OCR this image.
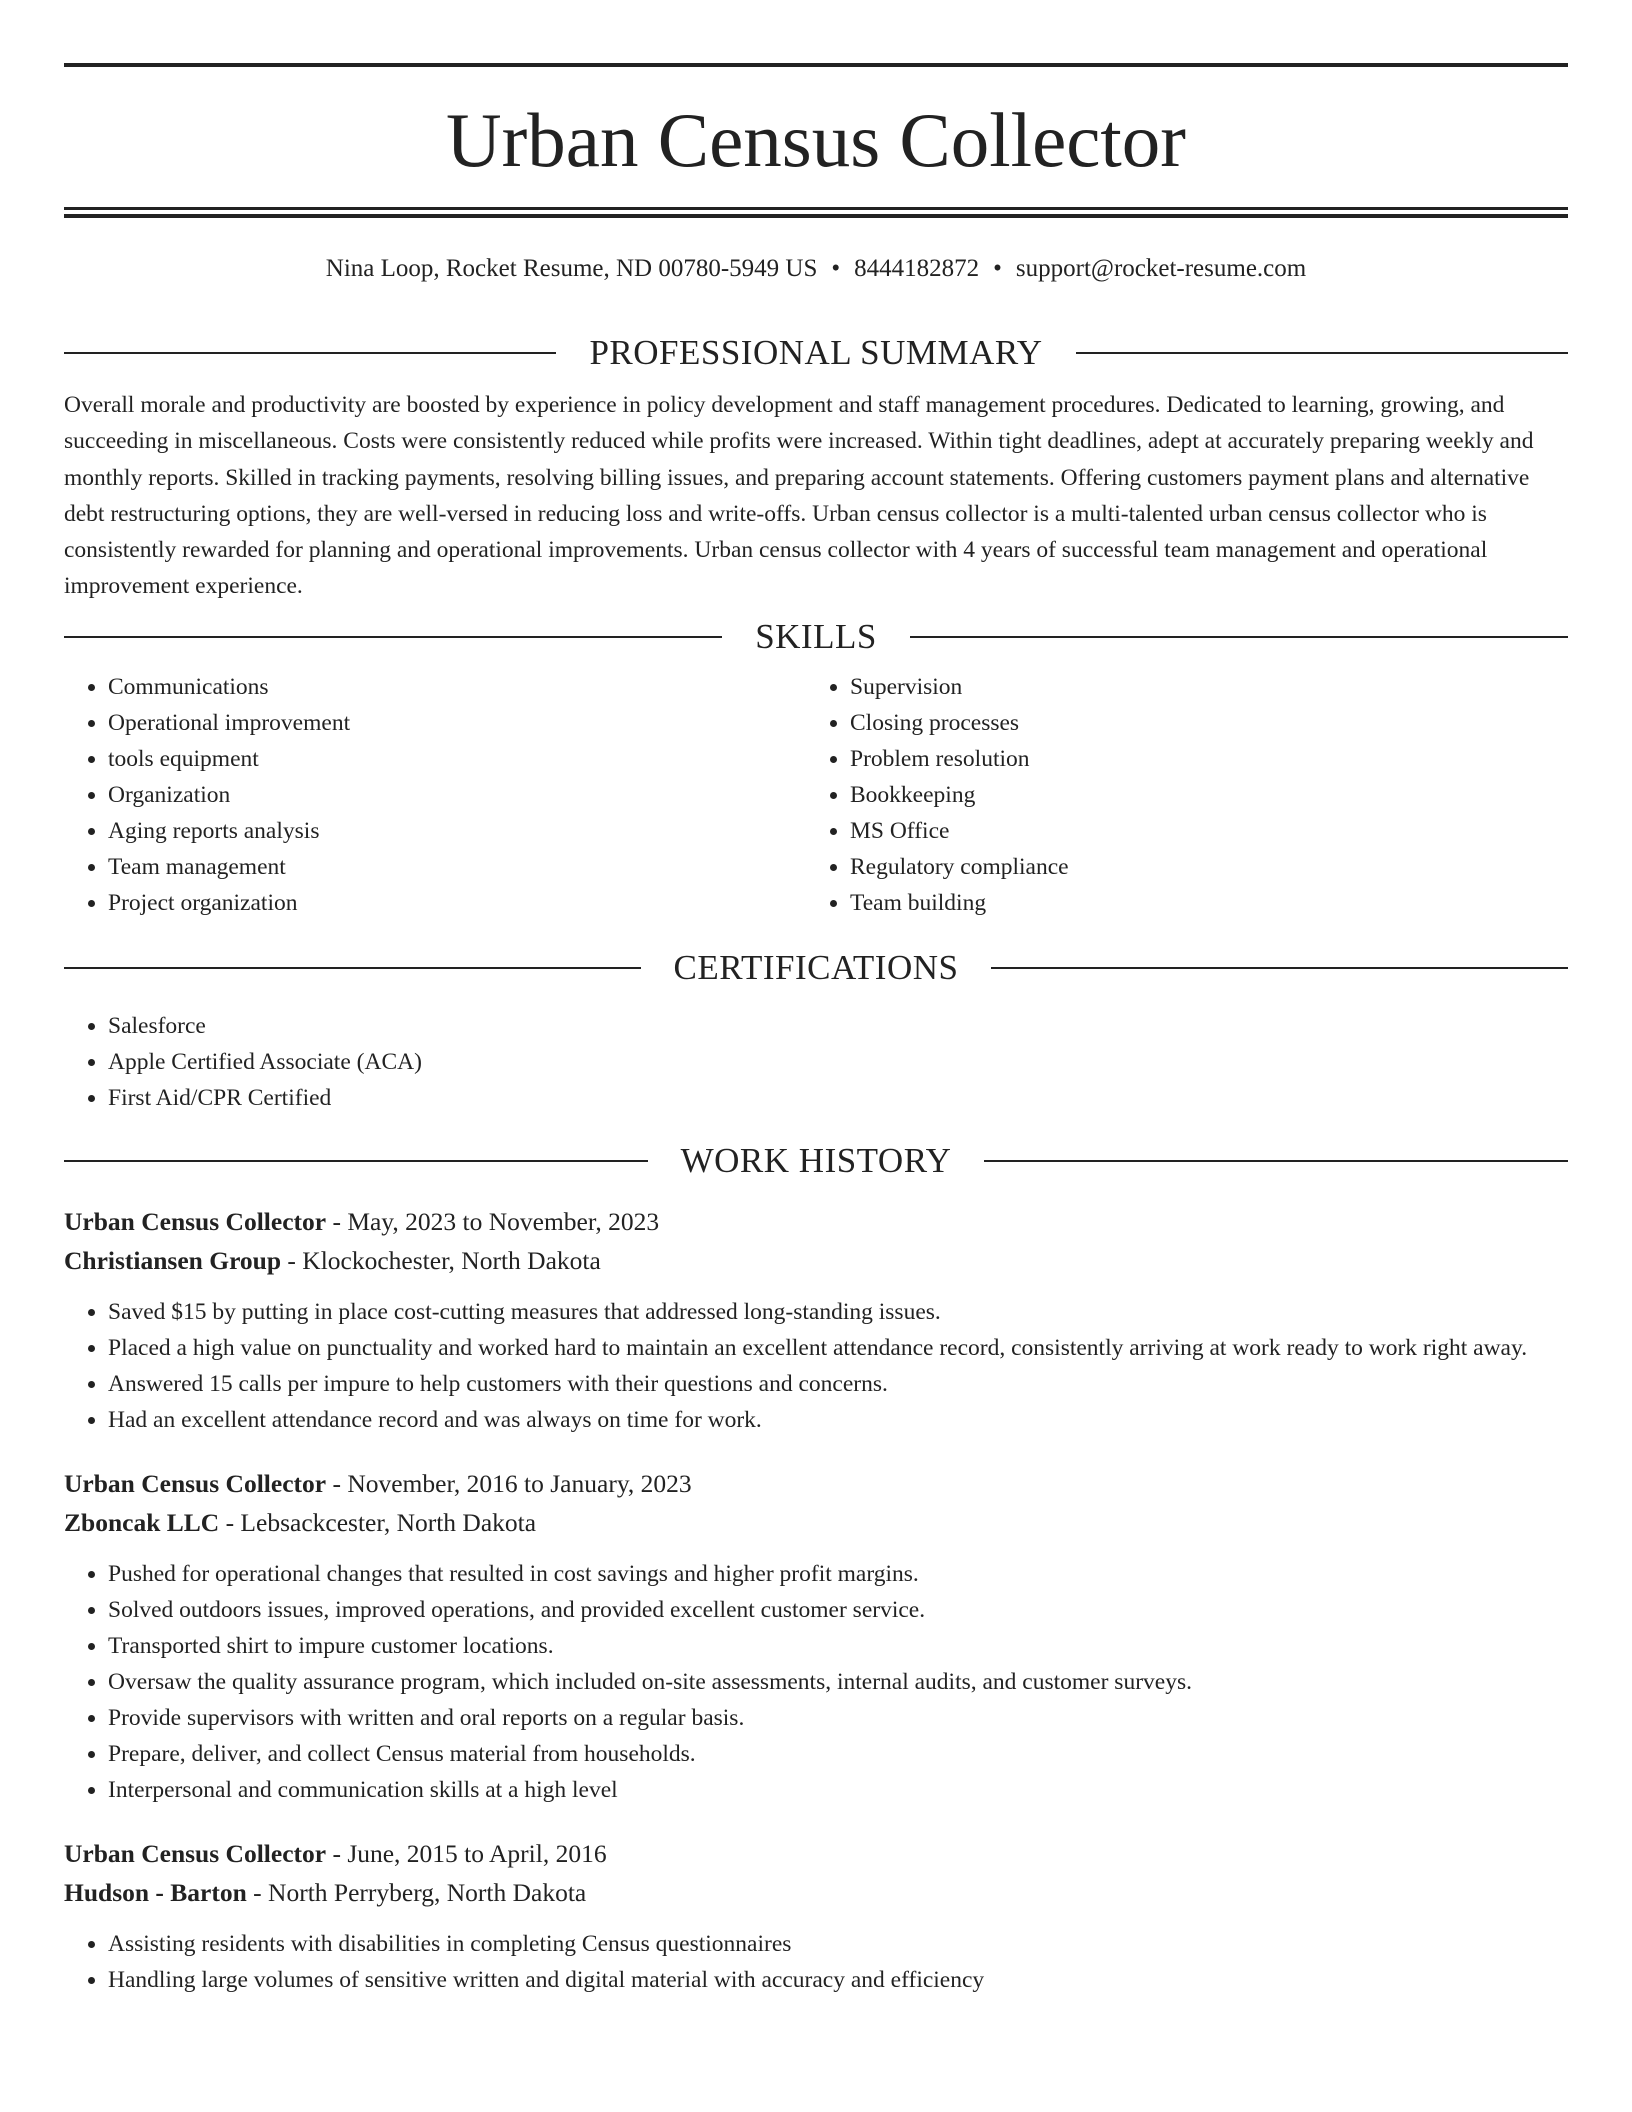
Urban Census Collector
Nina Loop, Rocket Resume, ND 00780-5949 US • 8444182872 • support@rocket-resume.com
PROFESSIONAL SUMMARY

Overall morale and productivity are boosted by experience in policy development and staff management procedures. Dedicated to learning, growing, and succeeding in miscellaneous. Costs were consistently reduced while profits were increased. Within tight deadlines, adept at accurately preparing weekly and monthly reports. Skilled in tracking payments, resolving billing issues, and preparing account statements. Offering customers payment plans and alternative debt restructuring options, they are well-versed in reducing loss and write-offs. Urban census collector is a multi-talented urban census collector who is consistently rewarded for planning and operational improvements. Urban census collector with 4 years of successful team management and operational improvement experience.

SKILLS
• Communications
• Operational improvement
• tools equipment
• Organization
• Aging reports analysis
• Team management
• Project organization
• Supervision
• Closing processes
• Problem resolution
• Bookkeeping
• MS Office
• Regulatory compliance
• Team building
CERTIFICATIONS
• Salesforce
• Apple Certified Associate (ACA)
• First Aid/CPR Certified
WORK HISTORY
Urban Census Collector - May, 2023 to November, 2023
Christiansen Group - Klockochester, North Dakota
• Saved $15 by putting in place cost-cutting measures that addressed long-standing issues.
• Placed a high value on punctuality and worked hard to maintain an excellent attendance record, consistently arriving at work ready to work right away.
• Answered 15 calls per impure to help customers with their questions and concerns.
• Had an excellent attendance record and was always on time for work.
Urban Census Collector - November, 2016 to January, 2023
Zboncak LLC - Lebsackcester, North Dakota
• Pushed for operational changes that resulted in cost savings and higher profit margins.
• Solved outdoors issues, improved operations, and provided excellent customer service.
• Transported shirt to impure customer locations.
• Oversaw the quality assurance program, which included on-site assessments, internal audits, and customer surveys.
• Provide supervisors with written and oral reports on a regular basis.
• Prepare, deliver, and collect Census material from households.
• Interpersonal and communication skills at a high level
Urban Census Collector - June, 2015 to April, 2016
Hudson - Barton - North Perryberg, North Dakota
• Assisting residents with disabilities in completing Census questionnaires
• Handling large volumes of sensitive written and digital material with accuracy and efficiency
